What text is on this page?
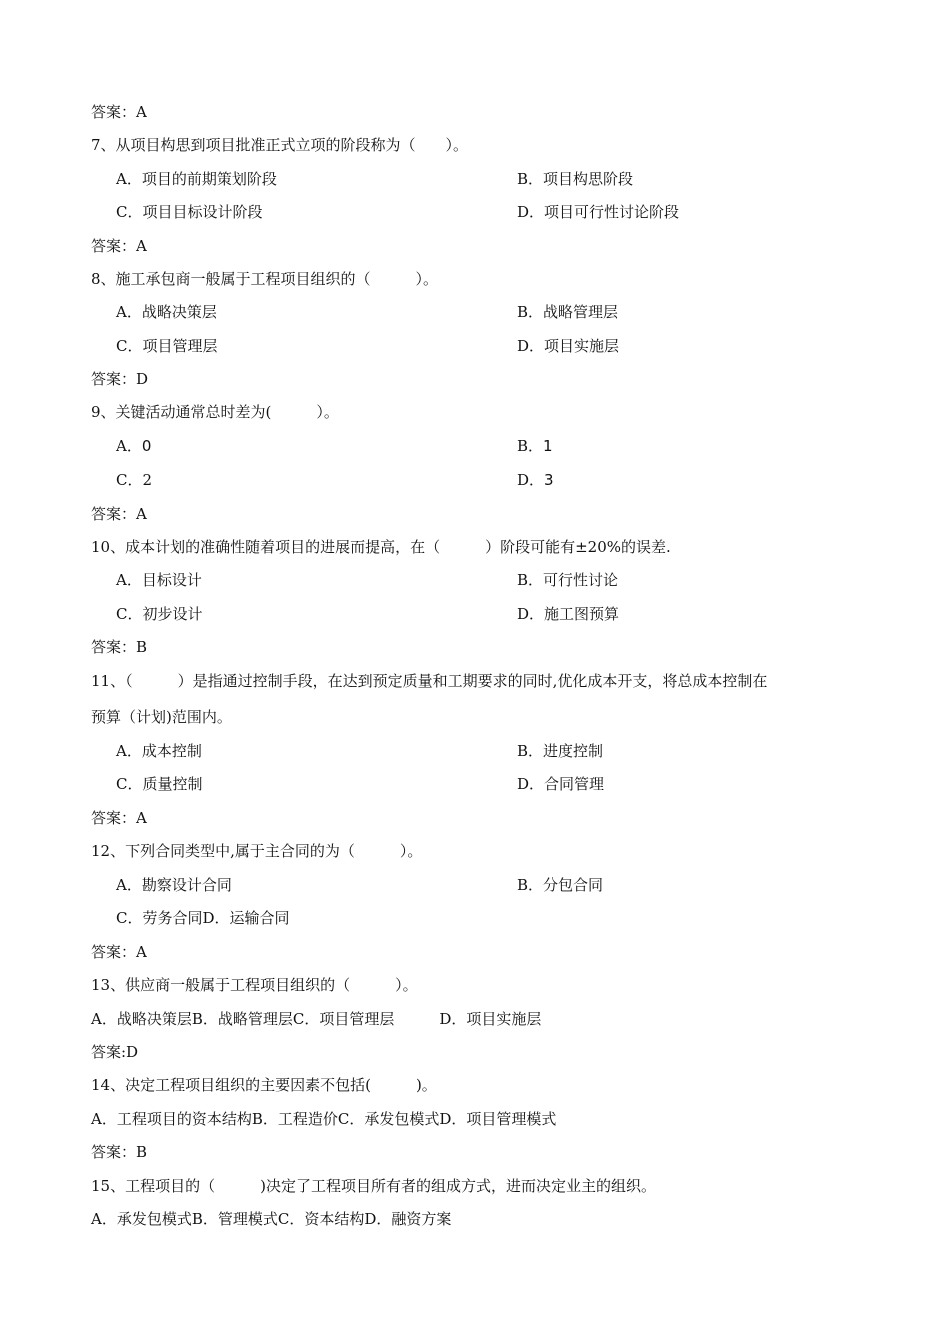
答案：A
7、从项目构思到项目批准正式立项的阶段称为（　　）。
A．项目的前期策划阶段	B．项目构思阶段
C．项目目标设计阶段	D．项目可行性讨论阶段
答案：A
8、施工承包商一般属于工程项目组织的（　　　）。
A．战略决策层	B．战略管理层
C．项目管理层	D．项目实施层
答案：D
9、关键活动通常总时差为(　　　）。
A．0	B．1
C．2	D．3
答案：A
10、成本计划的准确性随着项目的进展而提高，在（　　　）阶段可能有±20%的误差.
A．目标设计	B．可行性讨论
C．初步设计	D．施工图预算
答案：B
11、（　　　）是指通过控制手段，在达到预定质量和工期要求的同时,优化成本开支，将总成本控制在
预算（计划)范围内。
A．成本控制	B．进度控制
C．质量控制	D．合同管理
答案：A
12、下列合同类型中,属于主合同的为（　　　）。
A．勘察设计合同	B．分包合同
C．劳务合同D．运输合同
答案：A
13、供应商一般属于工程项目组织的（　　　）。
A．战略决策层B．战略管理层C．项目管理层　　　D．项目实施层
答案:D
14、决定工程项目组织的主要因素不包括(　　　)。
A．工程项目的资本结构B．工程造价C．承发包模式D．项目管理模式
答案：B
15、工程项目的（　　　)决定了工程项目所有者的组成方式，进而决定业主的组织。
A．承发包模式B．管理模式C．资本结构D．融资方案
